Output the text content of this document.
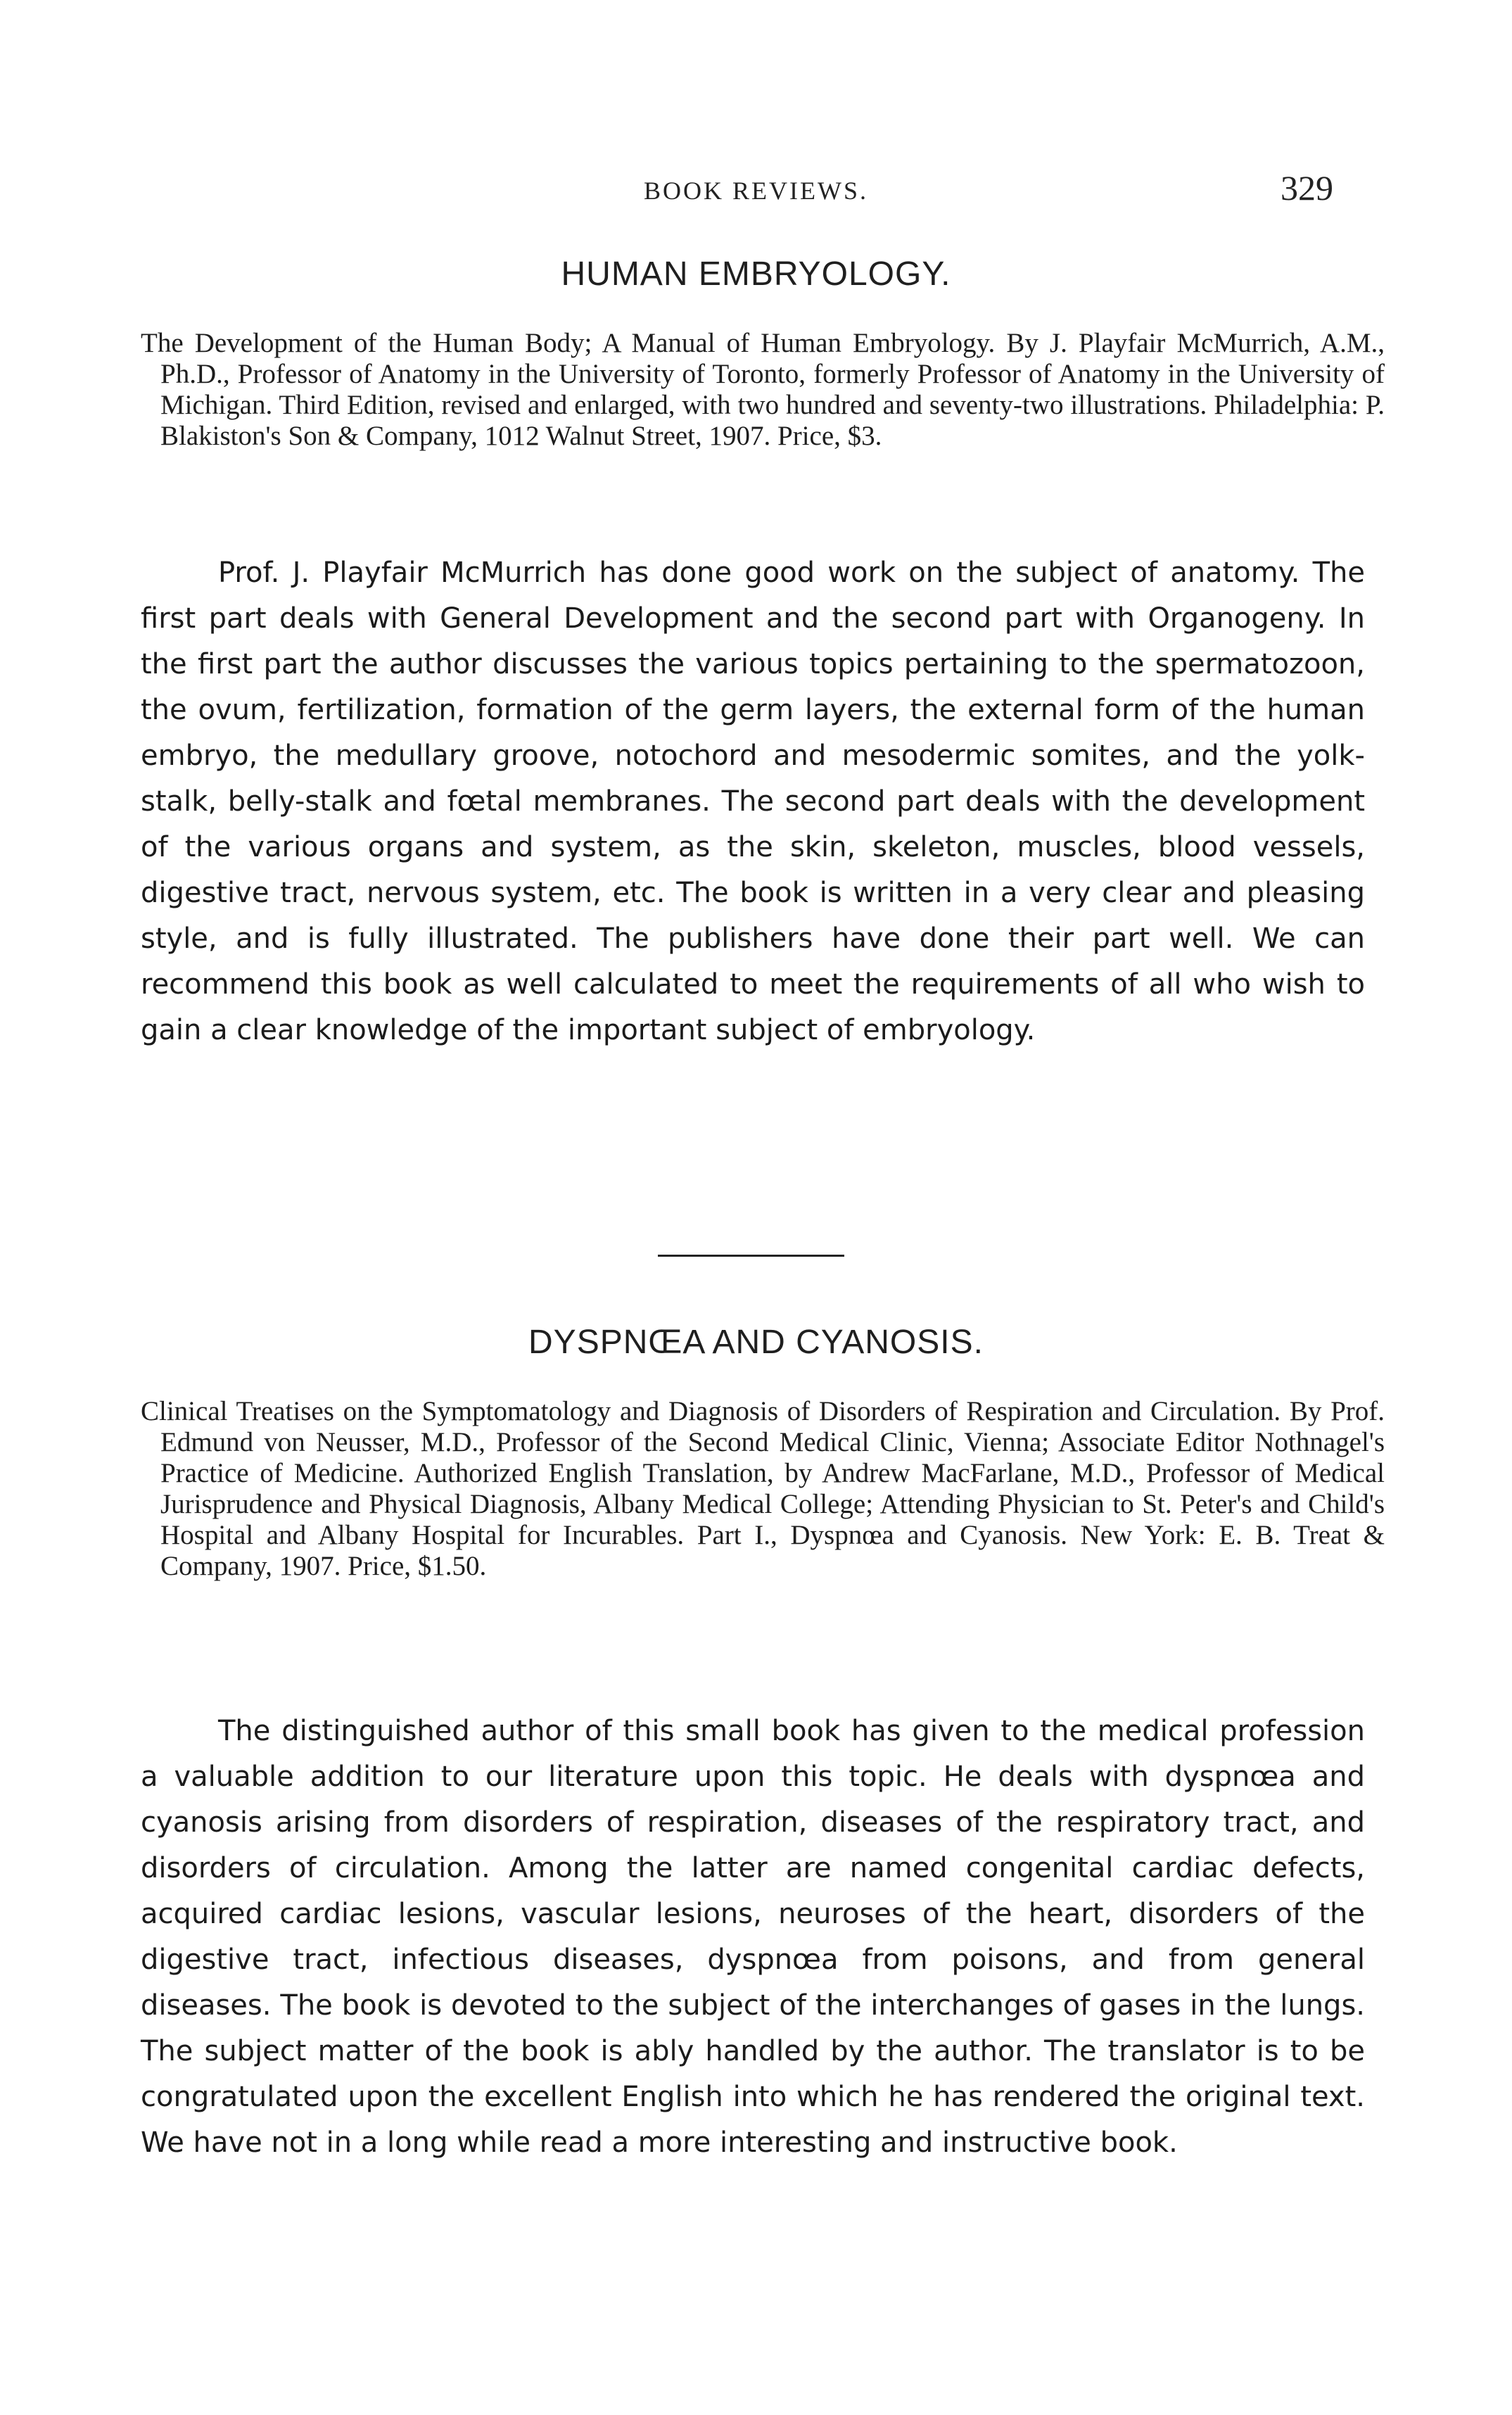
BOOK REVIEWS.	329
HUMAN EMBRYOLOGY.
The Development of the Human Body; A Manual of Human Embryology. By J. Playfair McMurrich, A.M., Ph.D., Professor of Anatomy in the University of Toronto, formerly Professor of Anatomy in the University of Michigan. Third Edition, revised and enlarged, with two hundred and seventy-two illustrations. Philadelphia: P. Blakiston's Son & Company, 1012 Walnut Street, 1907. Price, $3.
Prof. J. Playfair McMurrich has done good work on the subject of anatomy. The first part deals with General Development and the second part with Organogeny. In the first part the author discusses the various topics pertaining to the spermatozoon, the ovum, fertilization, formation of the germ layers, the external form of the human embryo, the medullary groove, notochord and mesodermic somites, and the yolk-stalk, belly-stalk and fœtal membranes. The second part deals with the development of the various organs and system, as the skin, skeleton, muscles, blood vessels, digestive tract, nervous system, etc. The book is written in a very clear and pleasing style, and is fully illustrated. The publishers have done their part well. We can recommend this book as well calculated to meet the requirements of all who wish to gain a clear knowledge of the important subject of embryology.
DYSPNŒA AND CYANOSIS.
Clinical Treatises on the Symptomatology and Diagnosis of Disorders of Respiration and Circulation. By Prof. Edmund von Neusser, M.D., Professor of the Second Medical Clinic, Vienna; Associate Editor Nothnagel's Practice of Medicine. Authorized English Translation, by Andrew MacFarlane, M.D., Professor of Medical Jurisprudence and Physical Diagnosis, Albany Medical College; Attending Physician to St. Peter's and Child's Hospital and Albany Hospital for Incurables. Part I., Dyspnœa and Cyanosis. New York: E. B. Treat & Company, 1907. Price, $1.50.
The distinguished author of this small book has given to the medical profession a valuable addition to our literature upon this topic. He deals with dyspnœa and cyanosis arising from disorders of respiration, diseases of the respiratory tract, and disorders of circulation. Among the latter are named congenital cardiac defects, acquired cardiac lesions, vascular lesions, neuroses of the heart, disorders of the digestive tract, infectious diseases, dyspnœa from poisons, and from general diseases. The book is devoted to the subject of the interchanges of gases in the lungs. The subject matter of the book is ably handled by the author. The translator is to be congratulated upon the excellent English into which he has rendered the original text. We have not in a long while read a more interesting and instructive book.
